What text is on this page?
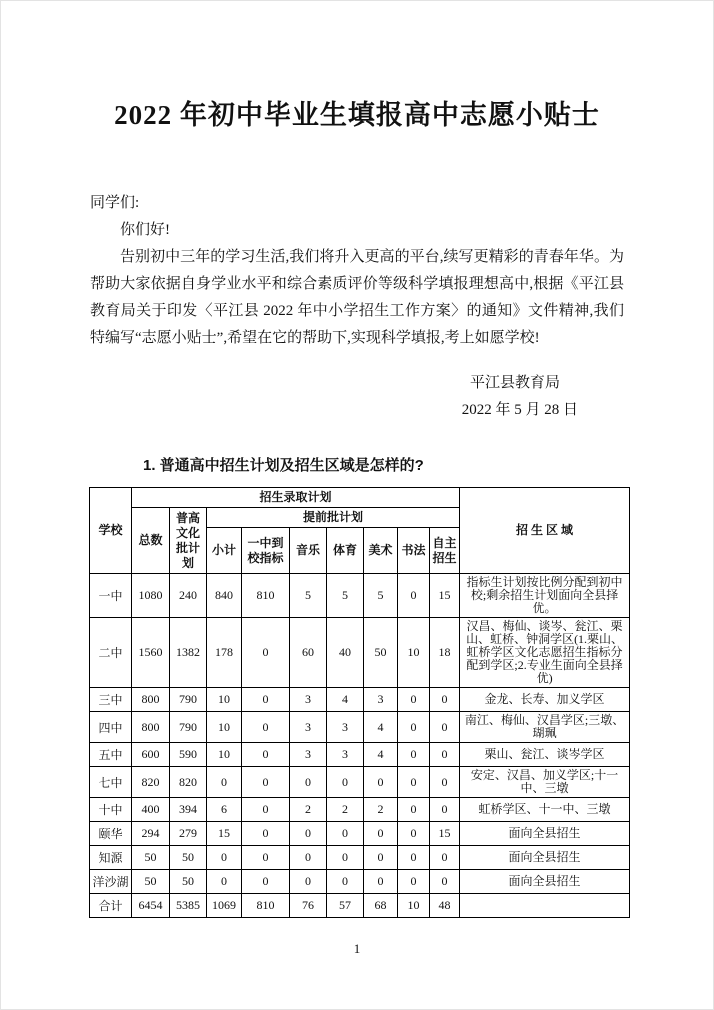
2022 年初中毕业生填报高中志愿小贴士

同学们:

你们好!

告别初中三年的学习生活,我们将升入更高的平台,续写更精彩的青春年华。为帮助大家依据自身学业水平和综合素质评价等级科学填报理想高中,根据《平江县教育局关于印发〈平江县 2022 年中小学招生工作方案〉的通知》文件精神,我们特编写“志愿小贴士”,希望在它的帮助下,实现科学填报,考上如愿学校!

平江县教育局

2022 年 5 月 28 日

1. 普通高中招生计划及招生区域是怎样的?
学校	招生录取计划									招 生 区 域
	总数	普高文化批计划	提前批计划							
			小计	一中到校指标	音乐	体育	美术	书法	自主招生	
一中	1080	240	840	810	5	5	5	0	15	指标生计划按比例分配到初中校;剩余招生计划面向全县择优。
二中	1560	1382	178	0	60	40	50	10	18	汉昌、梅仙、谈岑、瓮江、栗山、虹桥、钟洞学区(1.栗山、虹桥学区文化志愿招生指标分配到学区;2.专业生面向全县择优)
三中	800	790	10	0	3	4	3	0	0	金龙、长寿、加义学区
四中	800	790	10	0	3	3	4	0	0	南江、梅仙、汉昌学区;三墩、瑚珮
五中	600	590	10	0	3	3	4	0	0	栗山、瓮江、谈岑学区
七中	820	820	0	0	0	0	0	0	0	安定、汉昌、加义学区;十一中、三墩
十中	400	394	6	0	2	2	2	0	0	虹桥学区、十一中、三墩
颐华	294	279	15	0	0	0	0	0	15	面向全县招生
知源	50	50	0	0	0	0	0	0	0	面向全县招生
洋沙湖	50	50	0	0	0	0	0	0	0	面向全县招生
合计	6454	5385	1069	810	76	57	68	10	48	
1
